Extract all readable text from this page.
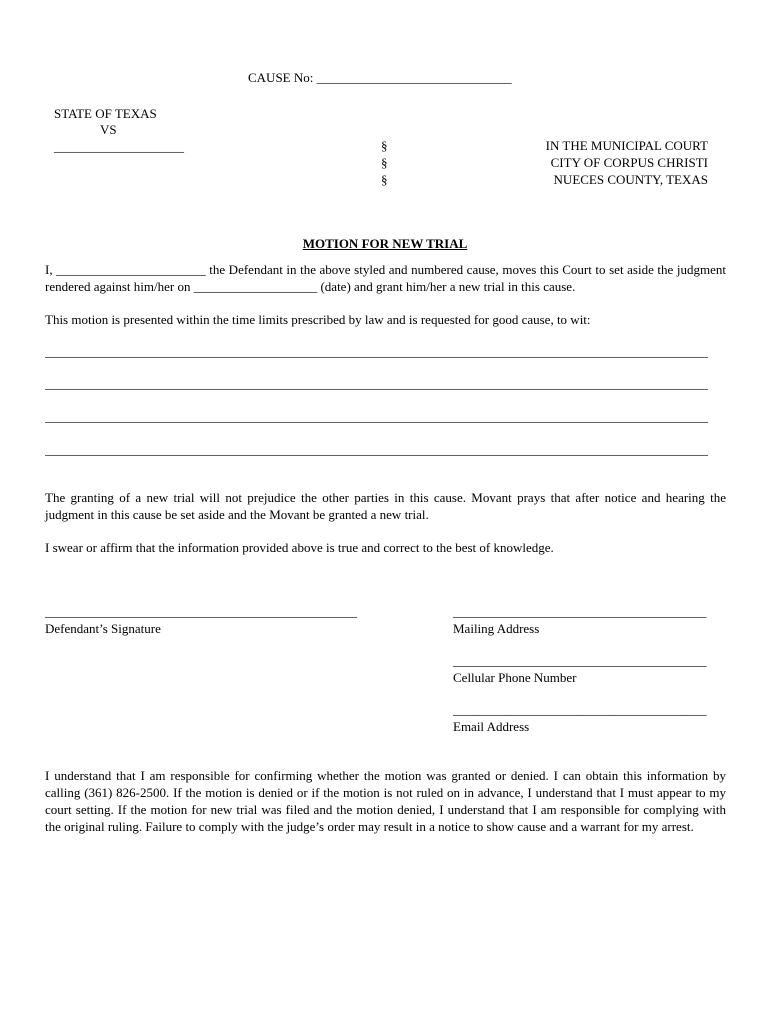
CAUSE No: ______________________________
STATE OF TEXAS
VS
____________________	§
§
§
IN THE MUNICIPAL COURT
CITY OF CORPUS CHRISTI
NUECES COUNTY, TEXAS
MOTION FOR NEW TRIAL
I, _______________________ the Defendant in the above styled and numbered cause, moves this Court to set aside the judgment rendered against him/her on ___________________ (date) and grant him/her a new trial in this cause.
This motion is presented within the time limits prescribed by law and is requested for good cause, to wit:
______________________________________________________________________________________________________
______________________________________________________________________________________________________
______________________________________________________________________________________________________
______________________________________________________________________________________________________
The granting of a new trial will not prejudice the other parties in this cause. Movant prays that after notice and hearing the judgment in this cause be set aside and the Movant be granted a new trial.
I swear or affirm that the information provided above is true and correct to the best of knowledge.
________________________________________________
Defendant’s Signature
_______________________________________
Mailing Address
_______________________________________
Cellular Phone Number
_______________________________________
Email Address
I understand that I am responsible for confirming whether the motion was granted or denied. I can obtain this information by calling (361) 826-2500. If the motion is denied or if the motion is not ruled on in advance, I understand that I must appear to my court setting. If the motion for new trial was filed and the motion denied, I understand that I am responsible for complying with the original ruling. Failure to comply with the judge’s order may result in a notice to show cause and a warrant for my arrest.
